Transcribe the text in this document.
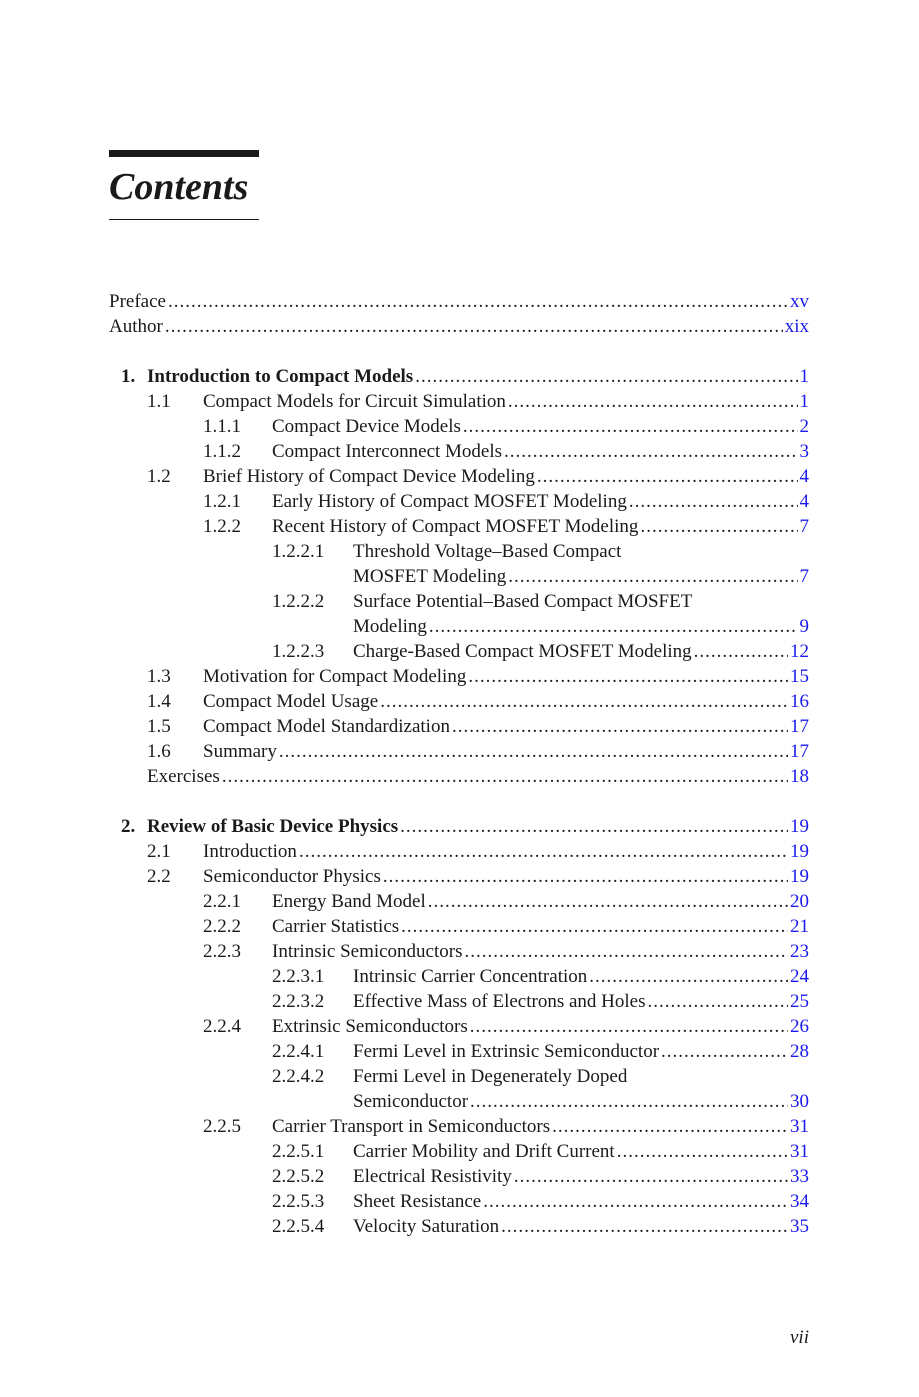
Contents
Preface .....	xv
Author .....	xix
1. Introduction to Compact Models .....	1
1.1 Compact Models for Circuit Simulation .....	1
1.1.1 Compact Device Models .....	2
1.1.2 Compact Interconnect Models .....	3
1.2 Brief History of Compact Device Modeling .....	4
1.2.1 Early History of Compact MOSFET Modeling .....	4
1.2.2 Recent History of Compact MOSFET Modeling .....	7
1.2.2.1 Threshold Voltage–Based Compact
MOSFET Modeling .....	7
1.2.2.2 Surface Potential–Based Compact MOSFET
Modeling .....	9
1.2.2.3 Charge-Based Compact MOSFET Modeling .....	12
1.3 Motivation for Compact Modeling .....	15
1.4 Compact Model Usage .....	16
1.5 Compact Model Standardization .....	17
1.6 Summary .....	17
Exercises .....	18
2. Review of Basic Device Physics .....	19
2.1 Introduction .....	19
2.2 Semiconductor Physics .....	19
2.2.1 Energy Band Model .....	20
2.2.2 Carrier Statistics .....	21
2.2.3 Intrinsic Semiconductors .....	23
2.2.3.1 Intrinsic Carrier Concentration .....	24
2.2.3.2 Effective Mass of Electrons and Holes .....	25
2.2.4 Extrinsic Semiconductors .....	26
2.2.4.1 Fermi Level in Extrinsic Semiconductor .....	28
2.2.4.2 Fermi Level in Degenerately Doped
Semiconductor .....	30
2.2.5 Carrier Transport in Semiconductors .....	31
2.2.5.1 Carrier Mobility and Drift Current .....	31
2.2.5.2 Electrical Resistivity .....	33
2.2.5.3 Sheet Resistance .....	34
2.2.5.4 Velocity Saturation .....	35
vii
